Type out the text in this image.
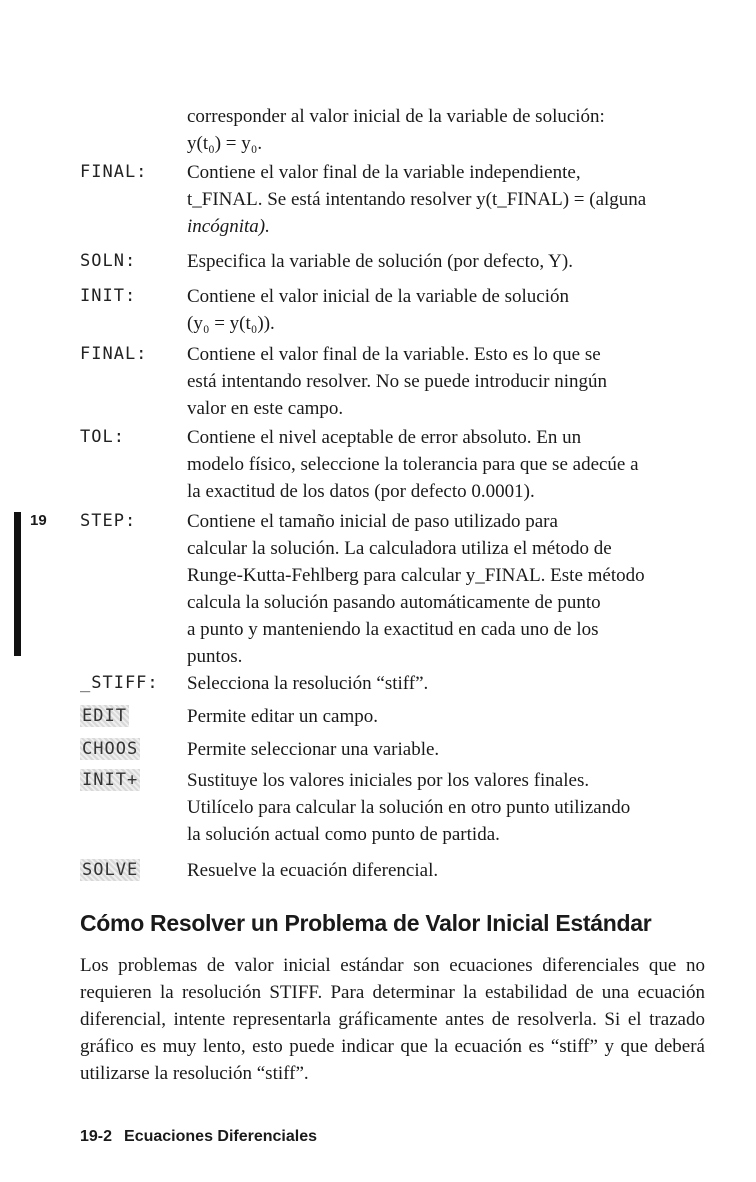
corresponder al valor inicial de la variable de solución:
y(t₀) = y₀.
FINAL:	Contiene el valor final de la variable independiente,
t_FINAL. Se está intentando resolver y(t_FINAL) = (alguna
incógnita).
SOLN:	Especifica la variable de solución (por defecto, Y).
INIT:	Contiene el valor inicial de la variable de solución
(y₀ = y(t₀)).
FINAL:	Contiene el valor final de la variable. Esto es lo que se
está intentando resolver. No se puede introducir ningún
valor en este campo.
TOL:	Contiene el nivel aceptable de error absoluto. En un
modelo físico, seleccione la tolerancia para que se adecúe a
la exactitud de los datos (por defecto 0.0001).
STEP:	Contiene el tamaño inicial de paso utilizado para
calcular la solución. La calculadora utiliza el método de
Runge-Kutta-Fehlberg para calcular y_FINAL. Este método
calcula la solución pasando automáticamente de punto
a punto y manteniendo la exactitud en cada uno de los
puntos.
_STIFF:	Selecciona la resolución “stiff”.
EDIT	Permite editar un campo.
CHOOS	Permite seleccionar una variable.
INIT+	Sustituye los valores iniciales por los valores finales.
Utilícelo para calcular la solución en otro punto utilizando
la solución actual como punto de partida.
SOLVE	Resuelve la ecuación diferencial.
19
Cómo Resolver un Problema de Valor Inicial Estándar
Los problemas de valor inicial estándar son ecuaciones diferenciales que no requieren la resolución STIFF. Para determinar la estabilidad de una ecuación diferencial, intente representarla gráficamente antes de resolverla. Si el trazado gráfico es muy lento, esto puede indicar que la ecuación es “stiff” y que deberá utilizarse la resolución “stiff”.
19-2 Ecuaciones Diferenciales
